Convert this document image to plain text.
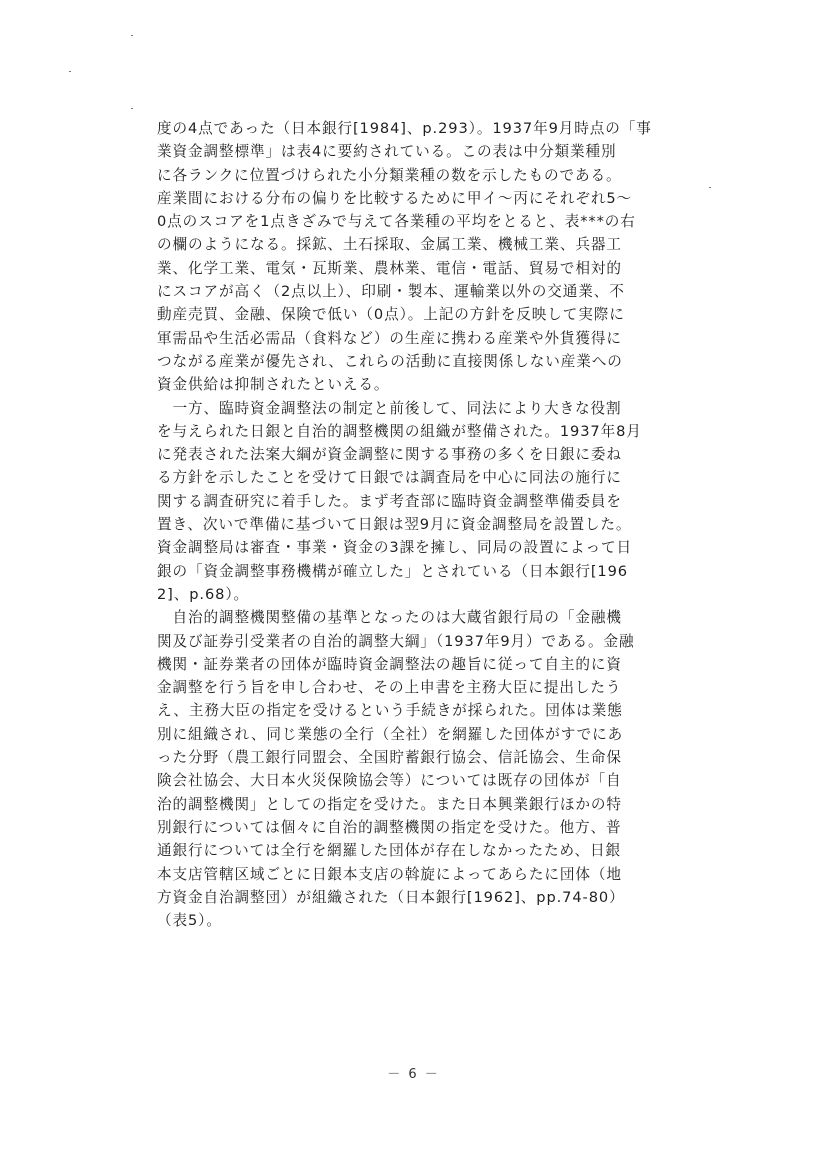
度の4点であった（日本銀行[1984]、p.293）。1937年9月時点の「事
業資金調整標準」は表4に要約されている。この表は中分類業種別
に各ランクに位置づけられた小分類業種の数を示したものである。
産業間における分布の偏りを比較するために甲イ～丙にそれぞれ5～
0点のスコアを1点きざみで与えて各業種の平均をとると、表***の右
の欄のようになる。採鉱、土石採取、金属工業、機械工業、兵器工
業、化学工業、電気・瓦斯業、農林業、電信・電話、貿易で相対的
にスコアが高く（2点以上）、印刷・製本、運輸業以外の交通業、不
動産売買、金融、保険で低い（0点）。上記の方針を反映して実際に
軍需品や生活必需品（食料など）の生産に携わる産業や外貨獲得に
つながる産業が優先され、これらの活動に直接関係しない産業への
資金供給は抑制されたといえる。
　一方、臨時資金調整法の制定と前後して、同法により大きな役割
を与えられた日銀と自治的調整機関の組織が整備された。1937年8月
に発表された法案大綱が資金調整に関する事務の多くを日銀に委ね
る方針を示したことを受けて日銀では調査局を中心に同法の施行に
関する調査研究に着手した。まず考査部に臨時資金調整準備委員を
置き、次いで準備に基づいて日銀は翌9月に資金調整局を設置した。
資金調整局は審査・事業・資金の3課を擁し、同局の設置によって日
銀の「資金調整事務機構が確立した」とされている（日本銀行[196
2]、p.68）。
　自治的調整機関整備の基準となったのは大蔵省銀行局の「金融機
関及び証券引受業者の自治的調整大綱」（1937年9月）である。金融
機関・証券業者の団体が臨時資金調整法の趣旨に従って自主的に資
金調整を行う旨を申し合わせ、その上申書を主務大臣に提出したう
え、主務大臣の指定を受けるという手続きが採られた。団体は業態
別に組織され、同じ業態の全行（全社）を網羅した団体がすでにあ
った分野（農工銀行同盟会、全国貯蓄銀行協会、信託協会、生命保
険会社協会、大日本火災保険協会等）については既存の団体が「自
治的調整機関」としての指定を受けた。また日本興業銀行ほかの特
別銀行については個々に自治的調整機関の指定を受けた。他方、普
通銀行については全行を網羅した団体が存在しなかったため、日銀
本支店管轄区域ごとに日銀本支店の斡旋によってあらたに団体（地
方資金自治調整団）が組織された（日本銀行[1962]、pp.74-80）
（表5）。
－ 6 －
